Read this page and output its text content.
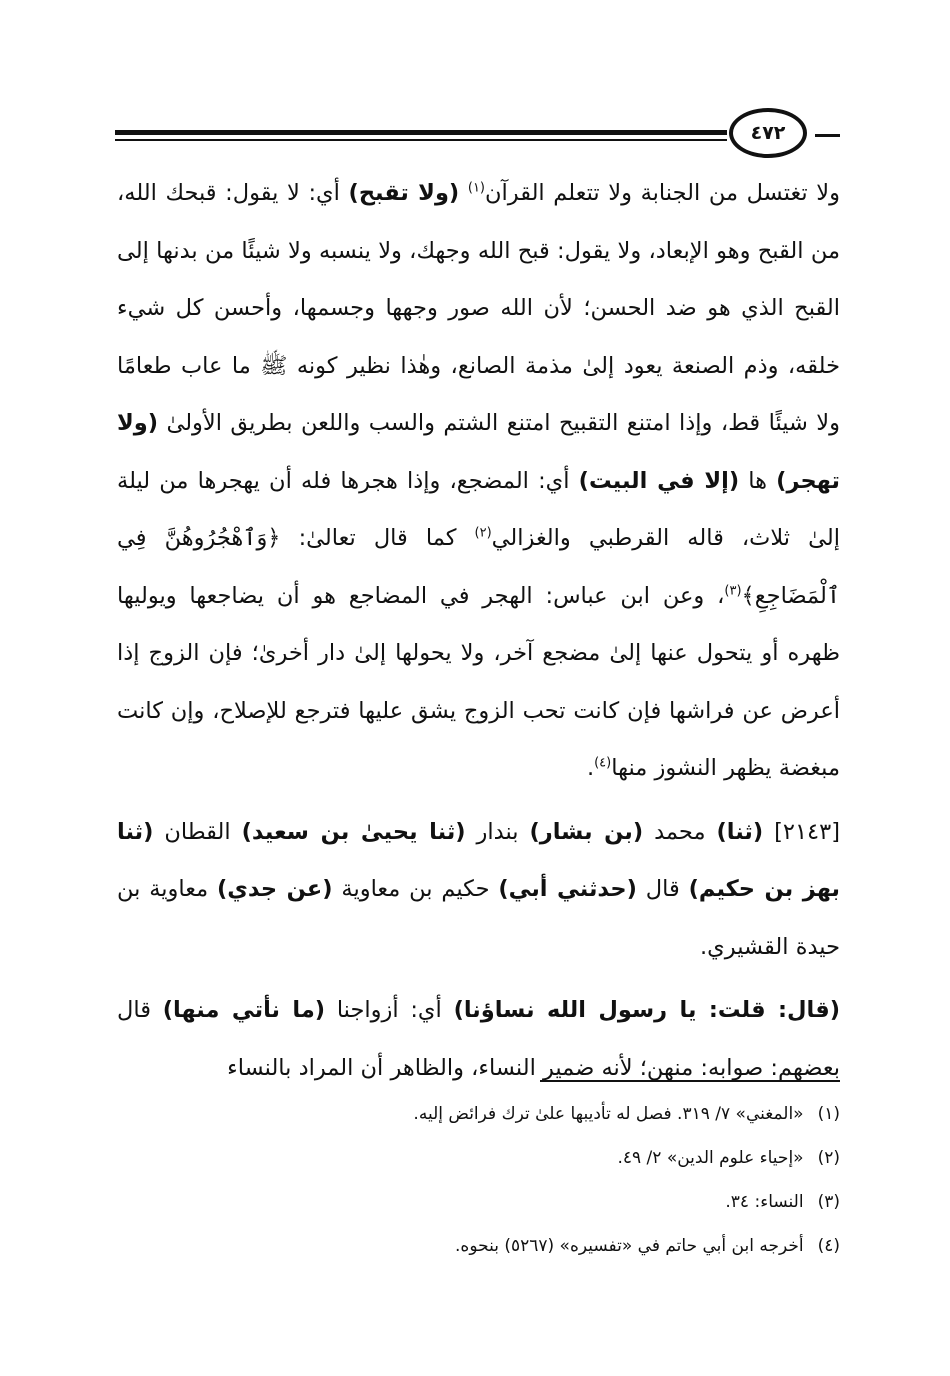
٤٧٢

ولا تغتسل من الجنابة ولا تتعلم القرآن$^{(١)}$ (ولا تقبح) أي: لا يقول: قبحك الله، من القبح وهو الإبعاد، ولا يقول: قبح الله وجهك، ولا ينسبه ولا شيئًا من بدنها إلى القبح الذي هو ضد الحسن؛ لأن الله صور وجهها وجسمها، وأحسن كل شيء خلقه، وذم الصنعة يعود إلىٰ مذمة الصانع، وهٰذا نظير كونه ﷺ ما عاب طعامًا ولا شيئًا قط، وإذا امتنع التقبيح امتنع الشتم والسب واللعن بطريق الأولىٰ (ولا تهجر) ها (إلا في البيت) أي: المضجع، وإذا هجرها فله أن يهجرها من ليلة إلىٰ ثلاث، قاله القرطبي والغزالي$^{(٢)}$ كما قال تعالىٰ: ﴿وَٱهْجُرُوهُنَّ فِي ٱلْمَضَاجِعِ﴾$^{(٣)}$، وعن ابن عباس: الهجر في المضاجع هو أن يضاجعها ويوليها ظهره أو يتحول عنها إلىٰ مضجع آخر، ولا يحولها إلىٰ دار أخرىٰ؛ فإن الزوج إذا أعرض عن فراشها فإن كانت تحب الزوج يشق عليها فترجع للإصلاح، وإن كانت مبغضة يظهر النشوز منها$^{(٤)}$.

[٢١٤٣] (ثنا) محمد (بن بشار) بندار (ثنا يحيىٰ بن سعيد) القطان (ثنا بهز بن حكيم) قال (حدثني أبي) حكيم بن معاوية (عن جدي) معاوية بن حيدة القشيري.

(قال: قلت: يا رسول الله نساؤنا) أي: أزواجنا (ما نأتي منها) قال بعضهم: صوابه: منهن؛ لأنه ضمير النساء، والظاهر أن المراد بالنساء

(١)«المغني» ٧/ ٣١٩. فصل له تأديبها علىٰ ترك فرائض إليه.
(٢)«إحياء علوم الدين» ٢/ ٤٩.
(٣)النساء: ٣٤.
(٤)أخرجه ابن أبي حاتم في «تفسيره» (٥٢٦٧) بنحوه.
